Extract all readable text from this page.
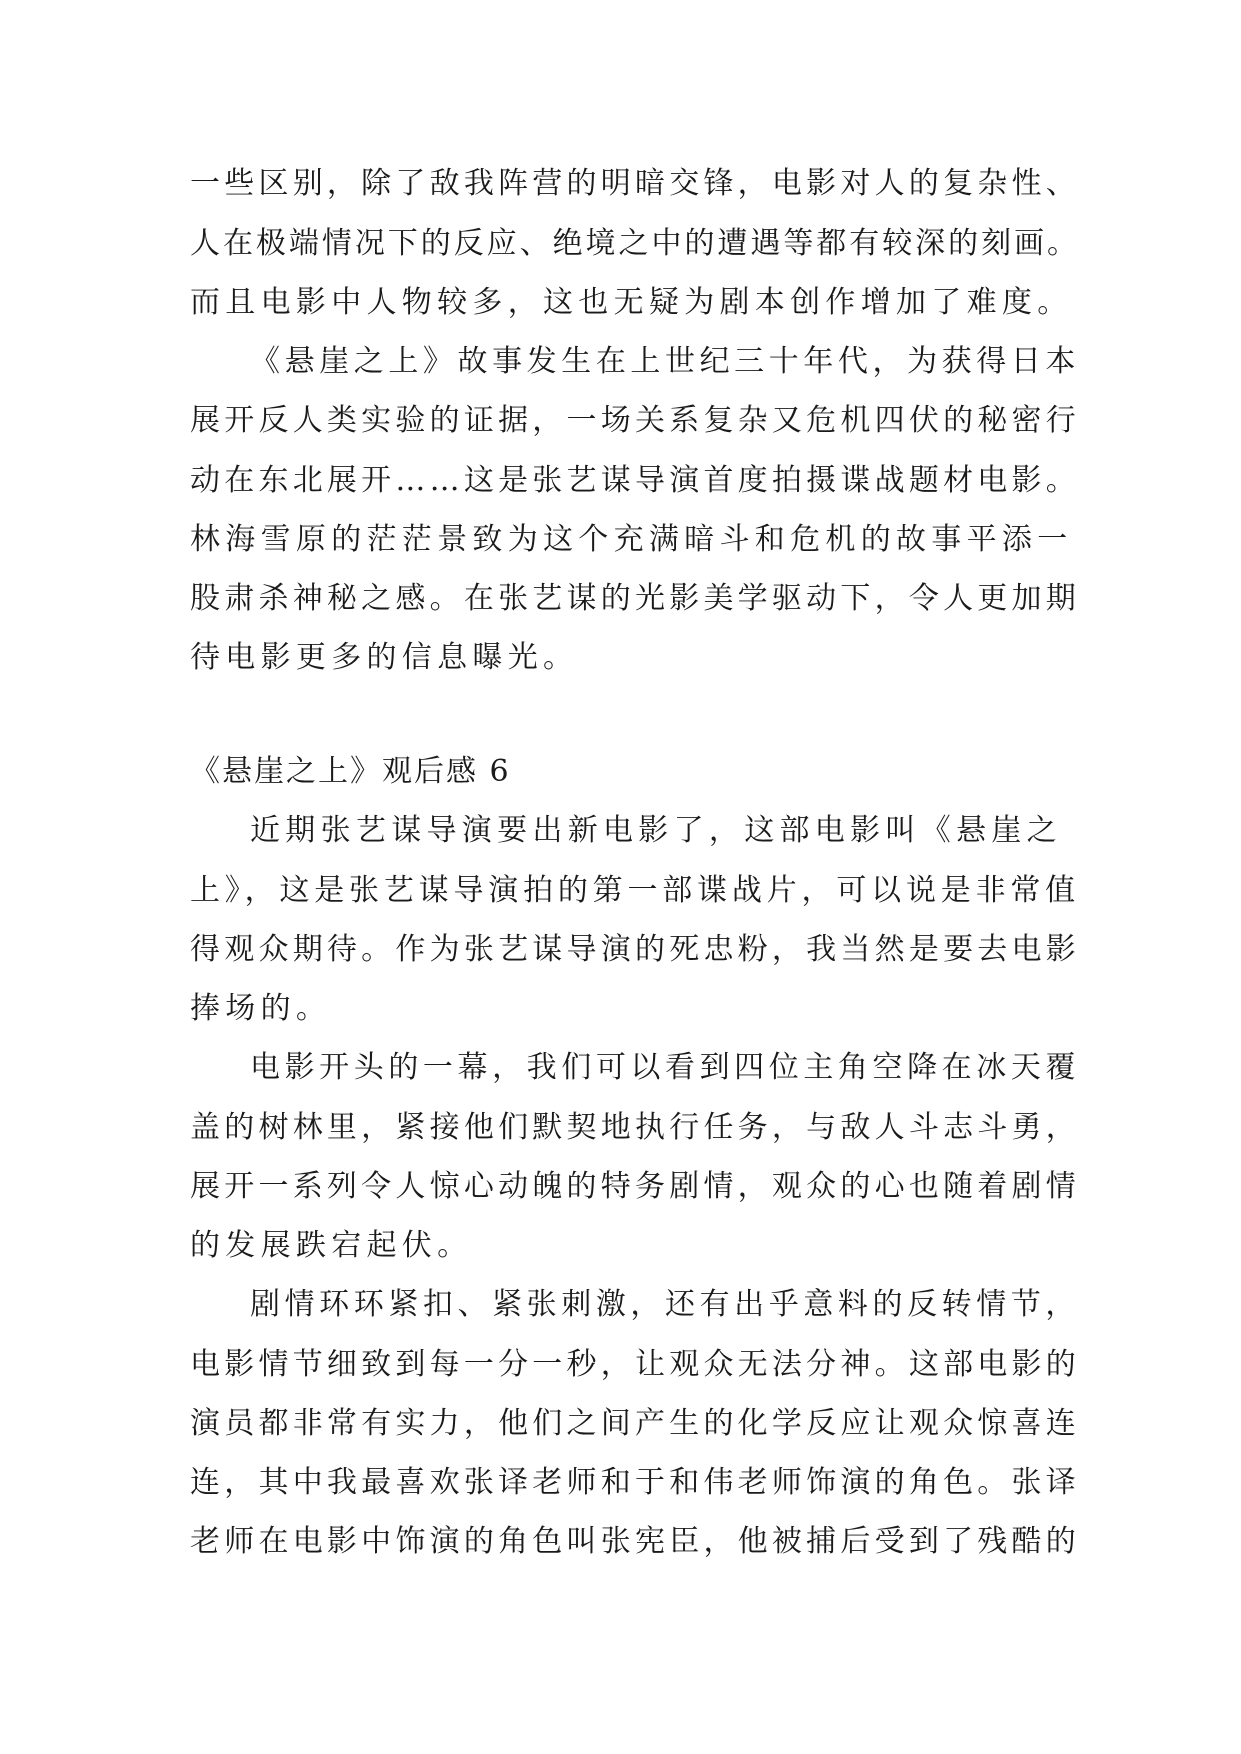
一些区别，除了敌我阵营的明暗交锋，电影对人的复杂性、
人在极端情况下的反应、绝境之中的遭遇等都有较深的刻画。
而且电影中人物较多，这也无疑为剧本创作增加了难度。
《悬崖之上》故事发生在上世纪三十年代，为获得日本
展开反人类实验的证据，一场关系复杂又危机四伏的秘密行
动在东北展开……这是张艺谋导演首度拍摄谍战题材电影。
林海雪原的茫茫景致为这个充满暗斗和危机的故事平添一
股肃杀神秘之感。在张艺谋的光影美学驱动下，令人更加期
待电影更多的信息曝光。
《悬崖之上》观后感 6
近期张艺谋导演要出新电影了，这部电影叫《悬崖之
上》，这是张艺谋导演拍的第一部谍战片，可以说是非常值
得观众期待。作为张艺谋导演的死忠粉，我当然是要去电影
捧场的。
电影开头的一幕，我们可以看到四位主角空降在冰天覆
盖的树林里，紧接他们默契地执行任务，与敌人斗志斗勇，
展开一系列令人惊心动魄的特务剧情，观众的心也随着剧情
的发展跌宕起伏。
剧情环环紧扣、紧张刺激，还有出乎意料的反转情节，
电影情节细致到每一分一秒，让观众无法分神。这部电影的
演员都非常有实力，他们之间产生的化学反应让观众惊喜连
连，其中我最喜欢张译老师和于和伟老师饰演的角色。张译
老师在电影中饰演的角色叫张宪臣，他被捕后受到了残酷的
